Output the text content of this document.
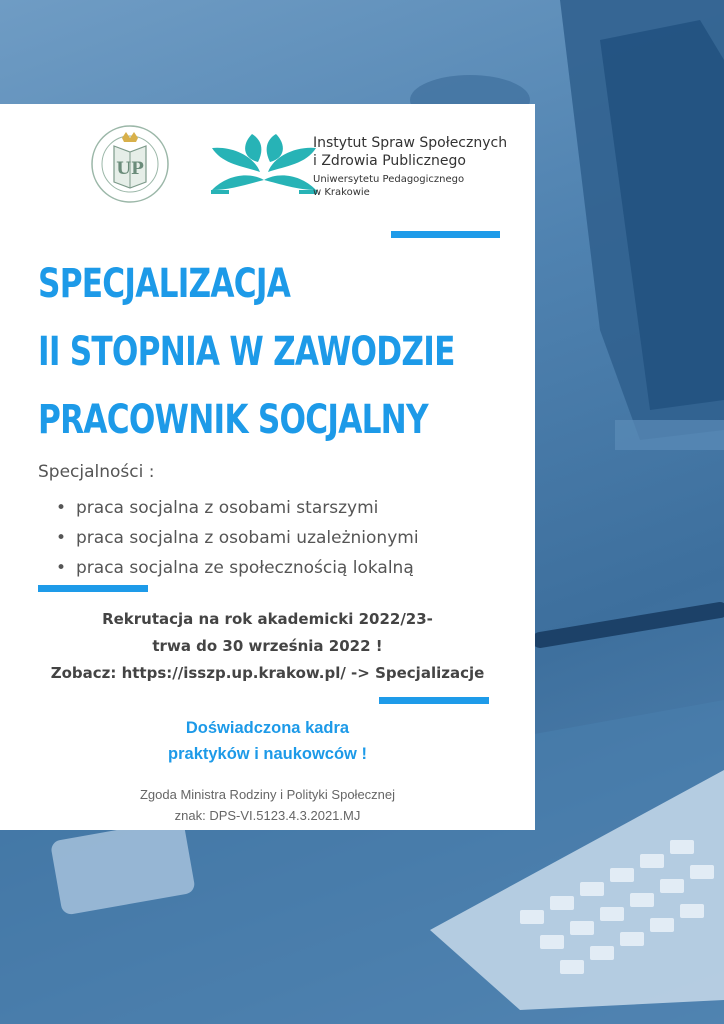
UP
Instytut Spraw Społecznych
i Zdrowia Publicznego
Uniwersytetu Pedagogicznego
w Krakowie
SPECJALIZACJA
II STOPNIA W ZAWODZIE
PRACOWNIK SOCJALNY
Specjalności :
• praca socjalna z osobami starszymi
• praca socjalna z osobami uzależnionymi
• praca socjalna ze społecznością lokalną
Rekrutacja na rok akademicki 2022/23-
trwa do 30 września 2022 !
Zobacz: https://isszp.up.krakow.pl/ -> Specjalizacje
Doświadczona kadra
praktyków i naukowców !
Zgoda Ministra Rodziny i Polityki Społecznej
znak: DPS-VI.5123.4.3.2021.MJ
